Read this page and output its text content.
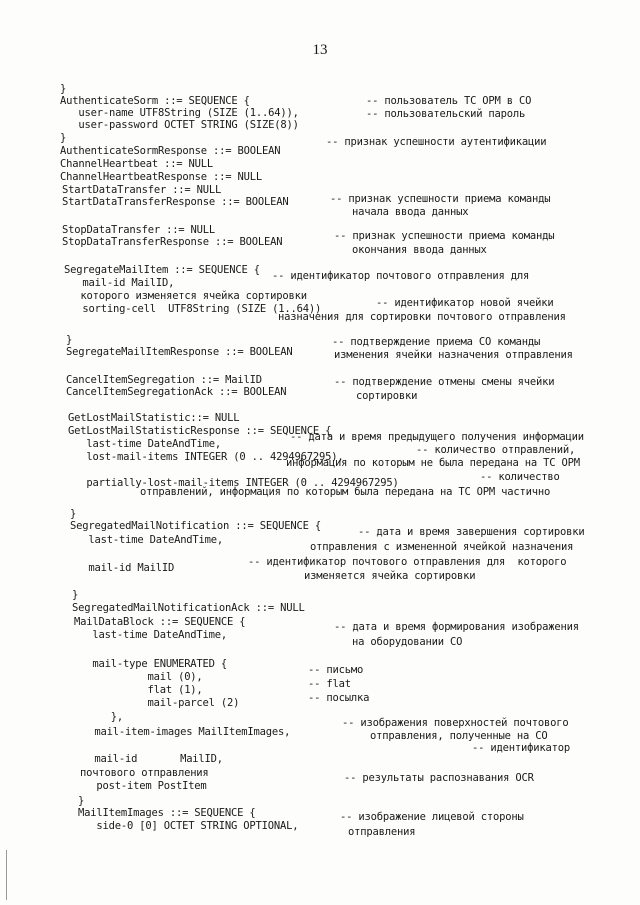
13
}
AuthenticateSorm ::= SEQUENCE {
user-name UTF8String (SIZE (1..64)),
user-password OCTET STRING (SIZE(8))
}
AuthenticateSormResponse ::= BOOLEAN
ChannelHeartbeat ::= NULL
ChannelHeartbeatResponse ::= NULL
StartDataTransfer ::= NULL
StartDataTransferResponse ::= BOOLEAN
StopDataTransfer ::= NULL
StopDataTransferResponse ::= BOOLEAN
SegregateMailItem ::= SEQUENCE {
mail-id MailID,
которого изменяется ячейка сортировки
sorting-cell  UTF8String (SIZE (1..64))
}
SegregateMailItemResponse ::= BOOLEAN
CancelItemSegregation ::= MailID
CancelItemSegregationAck ::= BOOLEAN
GetLostMailStatistic::= NULL
GetLostMailStatisticResponse ::= SEQUENCE {
last-time DateAndTime,
lost-mail-items INTEGER (0 .. 4294967295),
partially-lost-mail-items INTEGER (0 .. 4294967295)
}
SegregatedMailNotification ::= SEQUENCE {
last-time DateAndTime,
mail-id MailID
}
SegregatedMailNotificationAck ::= NULL
MailDataBlock ::= SEQUENCE {
last-time DateAndTime,
mail-type ENUMERATED {
mail (0),
flat (1),
mail-parcel (2)
},
mail-item-images MailItemImages,
mail-id       MailID,
почтового отправления
post-item PostItem
}
MailItemImages ::= SEQUENCE {
side-0 [0] OCTET STRING OPTIONAL,
-- пользователь ТС ОРМ в СО
-- пользовательский пароль
-- признак успешности аутентификации
-- признак успешности приема команды
начала ввода данных
-- признак успешности приема команды
окончания ввода данных
-- идентификатор почтового отправления для
-- идентификатор новой ячейки
назначения для сортировки почтового отправления
-- подтверждение приема СО команды
изменения ячейки назначения отправления
-- подтверждение отмены смены ячейки
сортировки
-- дата и время предыдущего получения информации
-- количество отправлений,
информация по которым не была передана на ТС ОРМ
-- количество
отправлений, информация по которым была передана на ТС ОРМ частично
-- дата и время завершения сортировки
отправления с измененной ячейкой назначения
-- идентификатор почтового отправления для  которого
изменяется ячейка сортировки
-- дата и время формирования изображения
на оборудовании СО
-- письмо
-- flat
-- посылка
-- изображения поверхностей почтового
отправления, полученные на СО
-- идентификатор
-- результаты распознавания OCR
-- изображение лицевой стороны
отправления
